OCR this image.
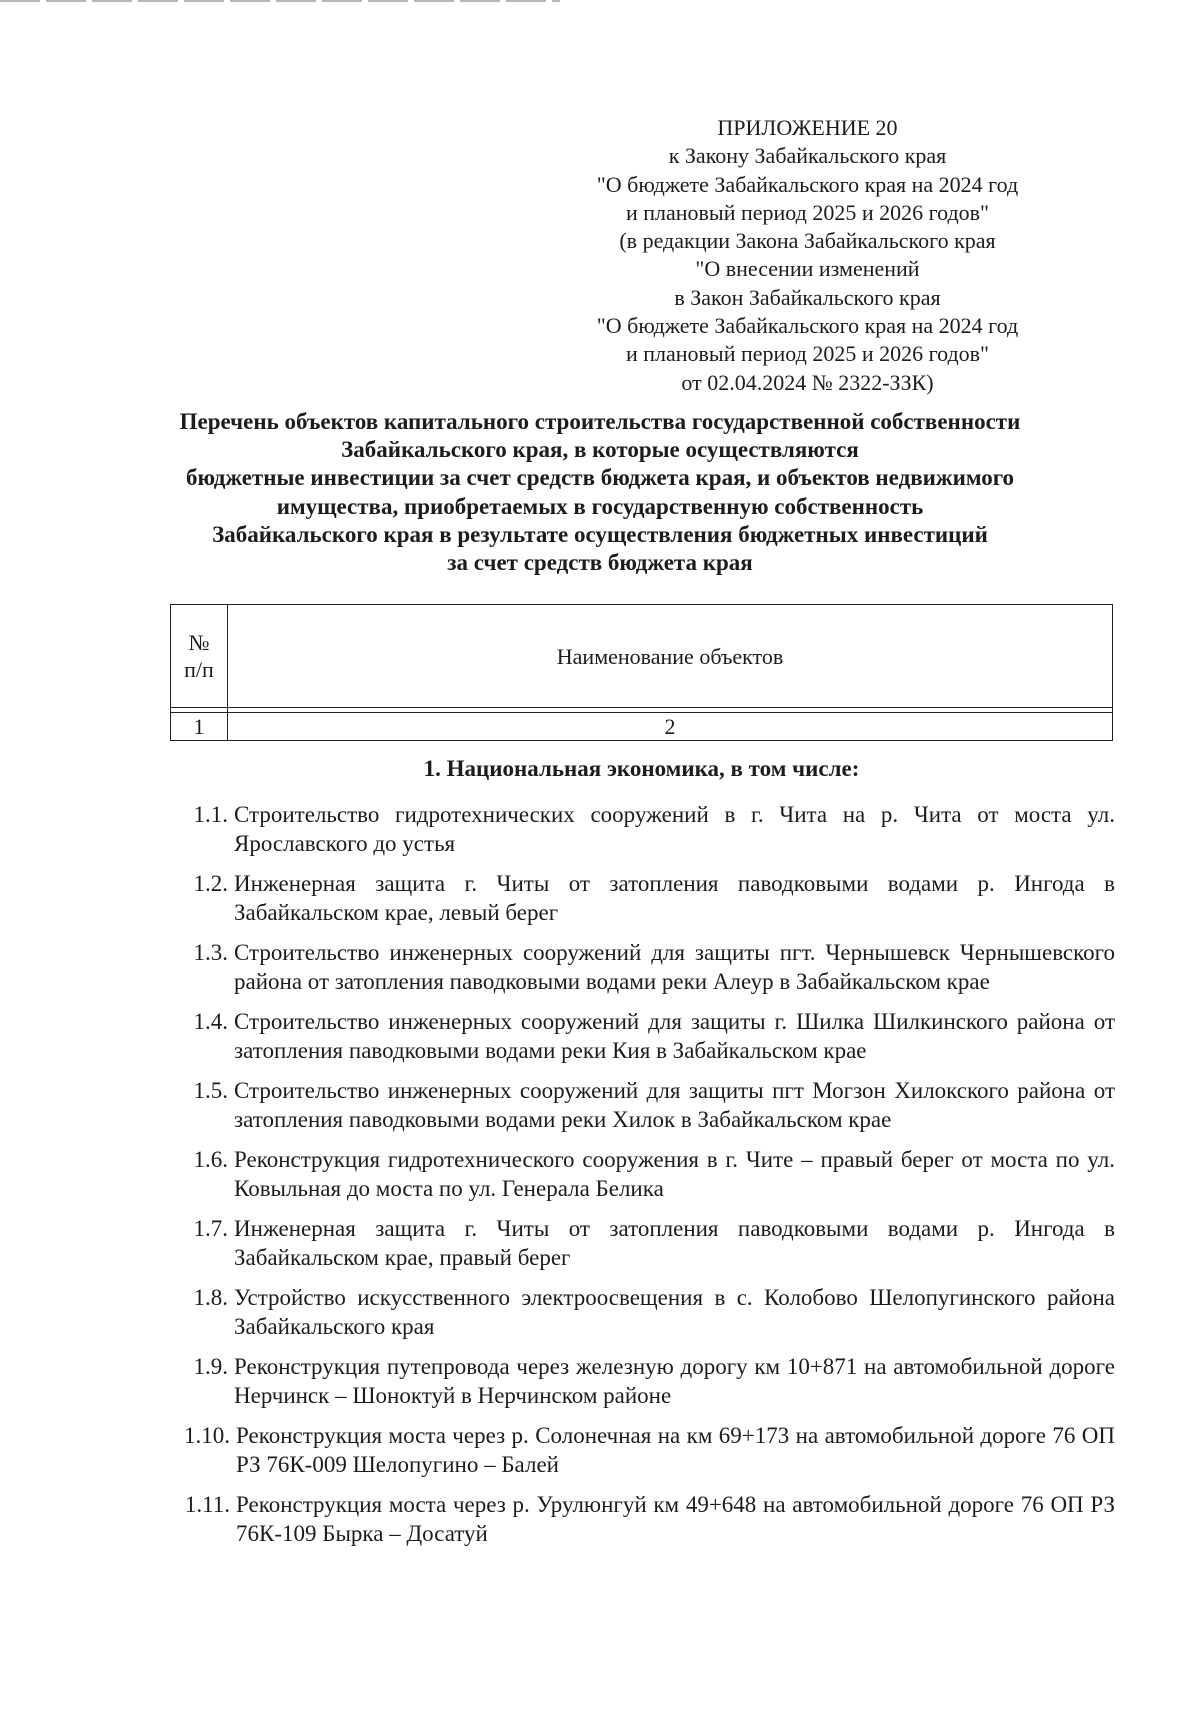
ПРИЛОЖЕНИЕ 20
к Закону Забайкальского края
"О бюджете Забайкальского края на 2024 год
и плановый период 2025 и 2026 годов"
(в редакции Закона Забайкальского края
"О внесении изменений
в Закон Забайкальского края
"О бюджете Забайкальского края на 2024 год
и плановый период 2025 и 2026 годов"
от 02.04.2024 № 2322-ЗЗК)
Перечень объектов капитального строительства государственной собственности
Забайкальского края, в которые осуществляются
бюджетные инвестиции за счет средств бюджета края, и объектов недвижимого
имущества, приобретаемых в государственную собственность
Забайкальского края в результате осуществления бюджетных инвестиций
за счет средств бюджета края
№
п/п	Наименование объектов

1	2
1. Национальная экономика, в том числе:
1.1. Строительство гидротехнических сооружений в г. Чита на р. Чита от моста ул. Ярославского до устья
1.2. Инженерная защита г. Читы от затопления паводковыми водами р. Ингода в Забайкальском крае, левый берег
1.3. Строительство инженерных сооружений для защиты пгт. Чернышевск Чернышевского района от затопления паводковыми водами реки Алеур в Забайкальском крае
1.4. Строительство инженерных сооружений для защиты г. Шилка Шилкинского района от затопления паводковыми водами реки Кия в Забайкальском крае
1.5. Строительство инженерных сооружений для защиты пгт Могзон Хилокского района от затопления паводковыми водами реки Хилок в Забайкальском крае
1.6. Реконструкция гидротехнического сооружения в г. Чите – правый берег от моста по ул. Ковыльная до моста по ул. Генерала Белика
1.7. Инженерная защита г. Читы от затопления паводковыми водами р. Ингода в Забайкальском крае, правый берег
1.8. Устройство искусственного электроосвещения в с. Колобово Шелопугинского района Забайкальского края
1.9. Реконструкция путепровода через железную дорогу км 10+871 на автомобильной дороге Нерчинск – Шоноктуй в Нерчинском районе
1.10. Реконструкция моста через р. Солонечная на км 69+173 на автомобильной дороге 76 ОП РЗ 76К-009 Шелопугино – Балей
1.11. Реконструкция моста через р. Урулюнгуй км 49+648 на автомобильной дороге 76 ОП РЗ 76К-109 Бырка – Досатуй
